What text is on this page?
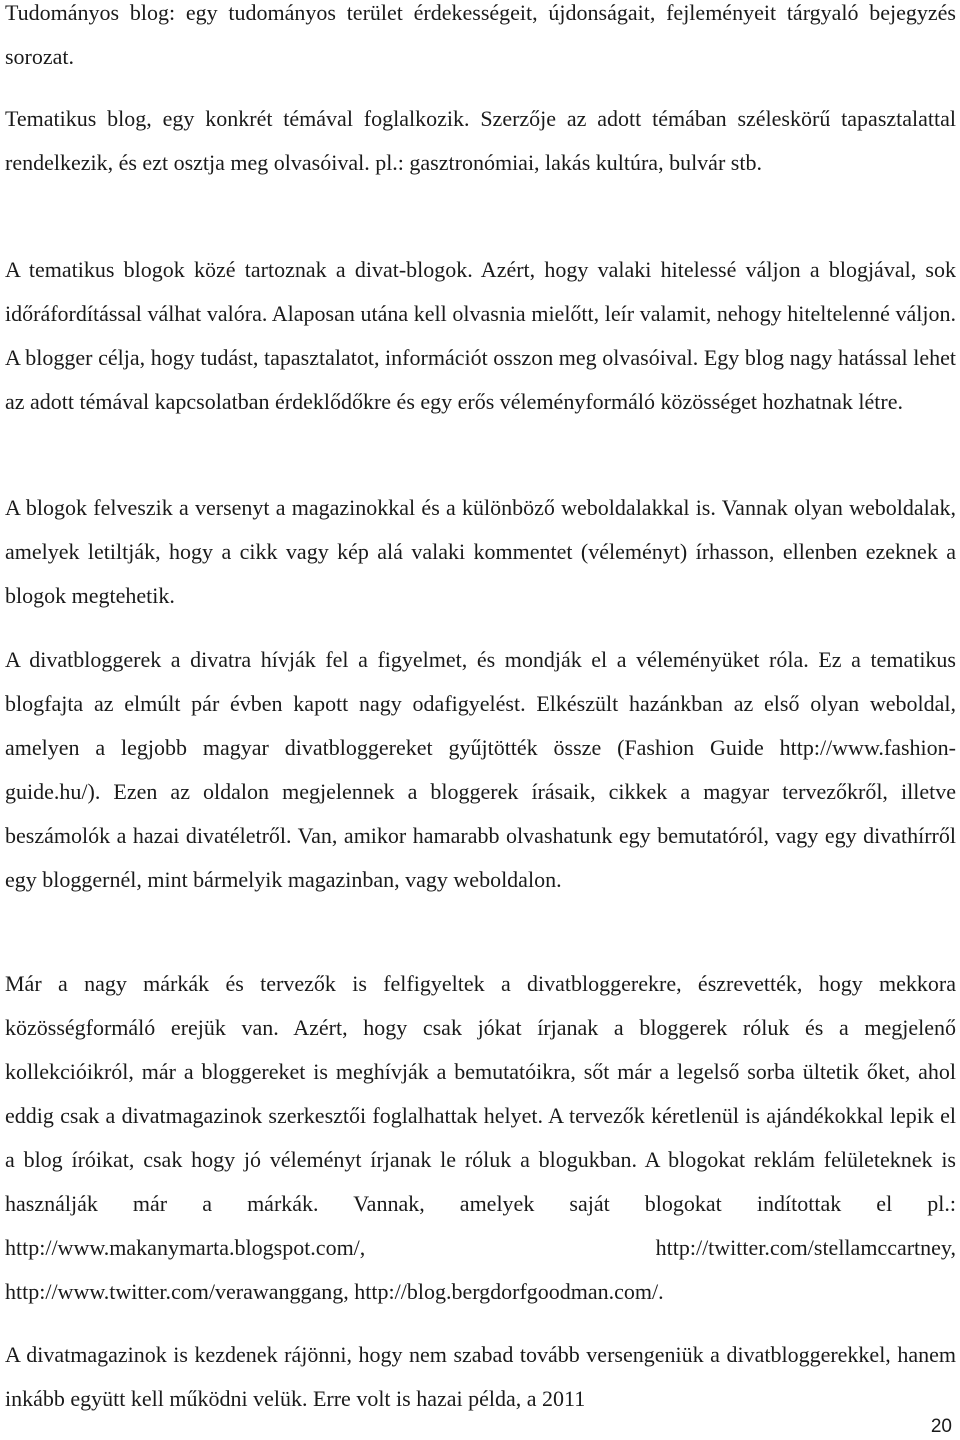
Tudományos blog: egy tudományos terület érdekességeit, újdonságait, fejleményeit tárgyaló bejegyzés sorozat.

Tematikus blog, egy konkrét témával foglalkozik. Szerzője az adott témában széleskörű tapasztalattal rendelkezik, és ezt osztja meg olvasóival. pl.: gasztronómiai, lakás kultúra, bulvár stb.

A tematikus blogok közé tartoznak a divat-blogok. Azért, hogy valaki hitelessé váljon a blogjával, sok időráfordítással válhat valóra. Alaposan utána kell olvasnia mielőtt, leír valamit, nehogy hiteltelenné váljon. A blogger célja, hogy tudást, tapasztalatot, információt osszon meg olvasóival. Egy blog nagy hatással lehet az adott témával kapcsolatban érdeklődőkre és egy erős véleményformáló közösséget hozhatnak létre.

A blogok felveszik a versenyt a magazinokkal és a különböző weboldalakkal is. Vannak olyan weboldalak, amelyek letiltják, hogy a cikk vagy kép alá valaki kommentet (véleményt) írhasson, ellenben ezeknek a blogok megtehetik.

A divatbloggerek a divatra hívják fel a figyelmet, és mondják el a véleményüket róla. Ez a tematikus blogfajta az elmúlt pár évben kapott nagy odafigyelést. Elkészült hazánkban az első olyan weboldal, amelyen a legjobb magyar divatbloggereket gyűjtötték össze (Fashion Guide http://www.fashion-guide.hu/). Ezen az oldalon megjelennek a bloggerek írásaik, cikkek a magyar tervezőkről, illetve beszámolók a hazai divatéletről. Van, amikor hamarabb olvashatunk egy bemutatóról, vagy egy divathírről egy bloggernél, mint bármelyik magazinban, vagy weboldalon.

Már a nagy márkák és tervezők is felfigyeltek a divatbloggerekre, észrevették, hogy mekkora közösségformáló erejük van. Azért, hogy csak jókat írjanak a bloggerek róluk és a megjelenő kollekcióikról, már a bloggereket is meghívják a bemutatóikra, sőt már a legelső sorba ültetik őket, ahol eddig csak a divatmagazinok szerkesztői foglalhattak helyet. A tervezők kéretlenül is ajándékokkal lepik el a blog íróikat, csak hogy jó véleményt írjanak le róluk a blogukban. A blogokat reklám felületeknek is használják már a márkák. Vannak, amelyek saját blogokat indítottak el pl.: http://www.makanymarta.blogspot.com/, http://twitter.com/stellamccartney, http://www.twitter.com/verawanggang, http://blog.bergdorfgoodman.com/.

A divatmagazinok is kezdenek rájönni, hogy nem szabad tovább versengeniük a divatbloggerekkel, hanem inkább együtt kell működni velük. Erre volt is hazai példa, a 2011

20
